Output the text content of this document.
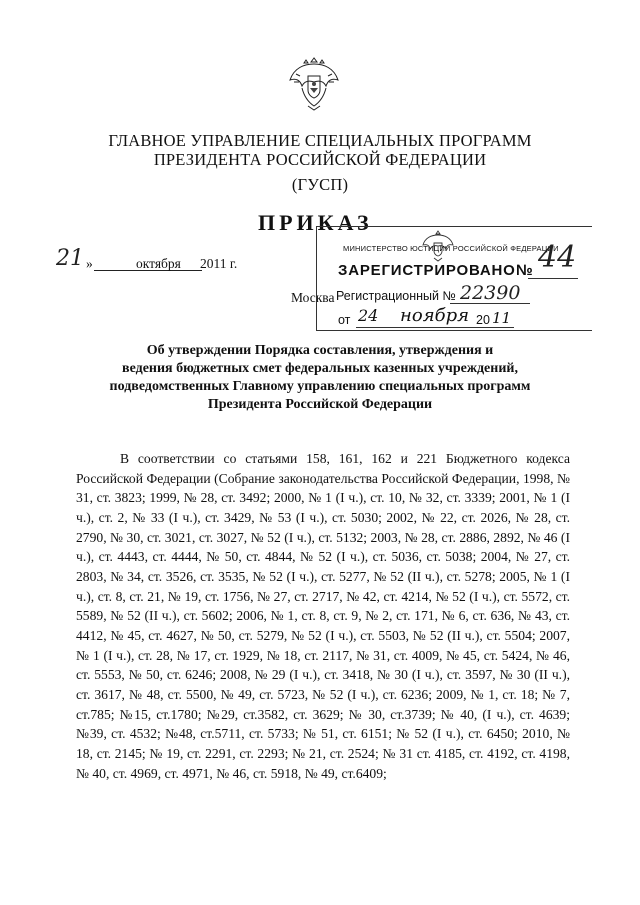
ГЛАВНОЕ УПРАВЛЕНИЕ СПЕЦИАЛЬНЫХ ПРОГРАММ
ПРЕЗИДЕНТА РОССИЙСКОЙ ФЕДЕРАЦИИ
(ГУСП)
ПРИКАЗ
21 »	октября 2011 г.
Москва
МИНИСТЕРСТВО ЮСТИЦИИ РОССИЙСКОЙ ФЕДЕРАЦИИ
ЗАРЕГИСТРИРОВАНО 44
№
Регистрационный № 22390
от 24 ноября 20 11
Об утверждении Порядка составления, утверждения и
ведения бюджетных смет федеральных казенных учреждений,
подведомственных Главному управлению специальных программ
Президента Российской Федерации
В соответствии со статьями 158, 161, 162 и 221 Бюджетного кодекса Российской Федерации (Собрание законодательства Российской Федерации, 1998, № 31, ст. 3823; 1999, № 28, ст. 3492; 2000, № 1 (I ч.), ст. 10, № 32, ст. 3339; 2001, № 1 (I ч.), ст. 2, № 33 (I ч.), ст. 3429, № 53 (I ч.), ст. 5030; 2002, № 22, ст. 2026, № 28, ст. 2790, № 30, ст. 3021, ст. 3027, № 52 (I ч.), ст. 5132; 2003, № 28, ст. 2886, 2892, № 46 (I ч.), ст. 4443, ст. 4444, № 50, ст. 4844, № 52 (I ч.), ст. 5036, ст. 5038; 2004, № 27, ст. 2803, № 34, ст. 3526, ст. 3535, № 52 (I ч.), ст. 5277, № 52 (II ч.), ст. 5278; 2005, № 1 (I ч.), ст. 8, ст. 21, № 19, ст. 1756, № 27, ст. 2717, № 42, ст. 4214, № 52 (I ч.), ст. 5572, ст. 5589, № 52 (II ч.), ст. 5602; 2006, № 1, ст. 8, ст. 9, № 2, ст. 171, № 6, ст. 636, № 43, ст. 4412, № 45, ст. 4627, № 50, ст. 5279, № 52 (I ч.), ст. 5503, № 52 (II ч.), ст. 5504; 2007, № 1 (I ч.), ст. 28, № 17, ст. 1929, № 18, ст. 2117, № 31, ст. 4009, № 45, ст. 5424, № 46, ст. 5553, № 50, ст. 6246; 2008, № 29 (I ч.), ст. 3418, № 30 (I ч.), ст. 3597, № 30 (II ч.), ст. 3617, № 48, ст. 5500, № 49, ст. 5723, № 52 (I ч.), ст. 6236; 2009, № 1, ст. 18; № 7, ст.785; №15, ст.1780; №29, ст.3582, ст. 3629; № 30, ст.3739; № 40, (I ч.), ст. 4639; №39, ст. 4532; №48, ст.5711, ст. 5733; № 51, ст. 6151; № 52 (I ч.), ст. 6450; 2010, № 18, ст. 2145; № 19, ст. 2291, ст. 2293; № 21, ст. 2524; № 31 ст. 4185, ст. 4192, ст. 4198, № 40, ст. 4969, ст. 4971, № 46, ст. 5918, № 49, ст.6409;
